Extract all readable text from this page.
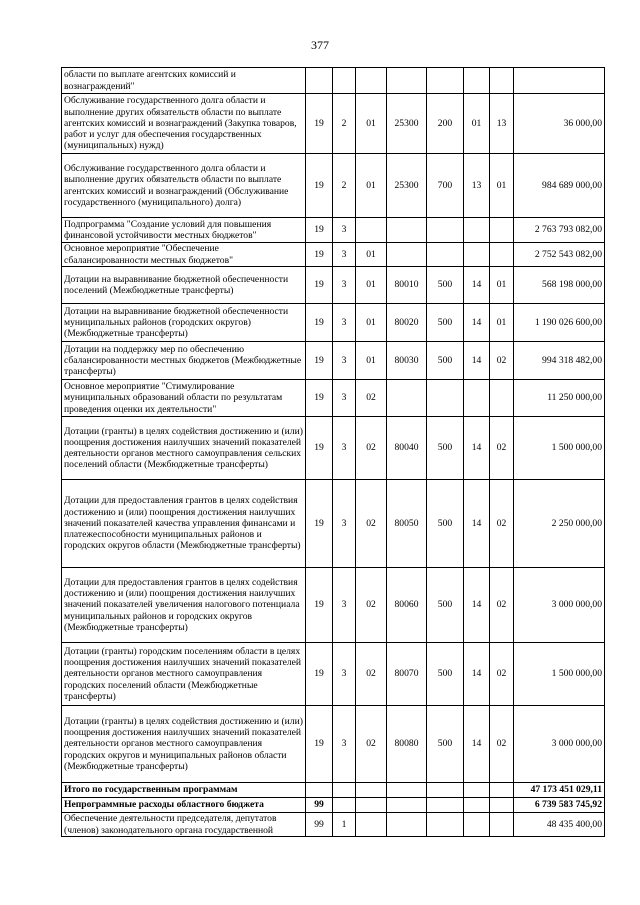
377
области по выплате агентских комиссий и вознаграждений"								
Обслуживание государственного долга области и выполнение других обязательств области по выплате агентских комиссий и вознаграждений (Закупка товаров, работ и услуг для обеспечения государственных (муниципальных) нужд)	19	2	01	25300	200	01	13	36 000,00
Обслуживание государственного долга области и выполнение других обязательств области по выплате агентских комиссий и вознаграждений (Обслуживание государственного (муниципального) долга)	19	2	01	25300	700	13	01	984 689 000,00
Подпрограмма "Создание условий для повышения финансовой устойчивости местных бюджетов"	19	3						2 763 793 082,00
Основное мероприятие "Обеспечение сбалансированности местных бюджетов"	19	3	01					2 752 543 082,00
Дотации на выравнивание бюджетной обеспеченности поселений (Межбюджетные трансферты)	19	3	01	80010	500	14	01	568 198 000,00
Дотации на выравнивание бюджетной обеспеченности муниципальных районов (городских округов) (Межбюджетные трансферты)	19	3	01	80020	500	14	01	1 190 026 600,00
Дотации на поддержку мер по обеспечению сбалансированности местных бюджетов (Межбюджетные трансферты)	19	3	01	80030	500	14	02	994 318 482,00
Основное мероприятие "Стимулирование муниципальных образований области по результатам проведения оценки их деятельности"	19	3	02					11 250 000,00
Дотации (гранты) в целях содействия достижению и (или) поощрения достижения наилучших значений показателей деятельности органов местного самоуправления сельских поселений области (Межбюджетные трансферты)	19	3	02	80040	500	14	02	1 500 000,00
Дотации для предоставления грантов в целях содействия достижению и (или) поощрения достижения наилучших значений показателей качества управления финансами и платежеспособности муниципальных районов и городских округов области (Межбюджетные трансферты)	19	3	02	80050	500	14	02	2 250 000,00
Дотации для предоставления грантов в целях содействия достижению и (или) поощрения достижения наилучших значений показателей увеличения налогового потенциала муниципальных районов и городских округов (Межбюджетные трансферты)	19	3	02	80060	500	14	02	3 000 000,00
Дотации (гранты) городским поселениям области в целях поощрения достижения наилучших значений показателей деятельности органов местного самоуправления городских поселений области (Межбюджетные трансферты)	19	3	02	80070	500	14	02	1 500 000,00
Дотации (гранты) в целях содействия достижению и (или) поощрения достижения наилучших значений показателей деятельности органов местного самоуправления городских округов и муниципальных районов области (Межбюджетные трансферты)	19	3	02	80080	500	14	02	3 000 000,00
Итого по государственным программам								47 173 451 029,11
Непрограммные расходы областного бюджета	99							6 739 583 745,92
Обеспечение деятельности председателя, депутатов (членов) законодательного органа государственной	99	1						48 435 400,00
